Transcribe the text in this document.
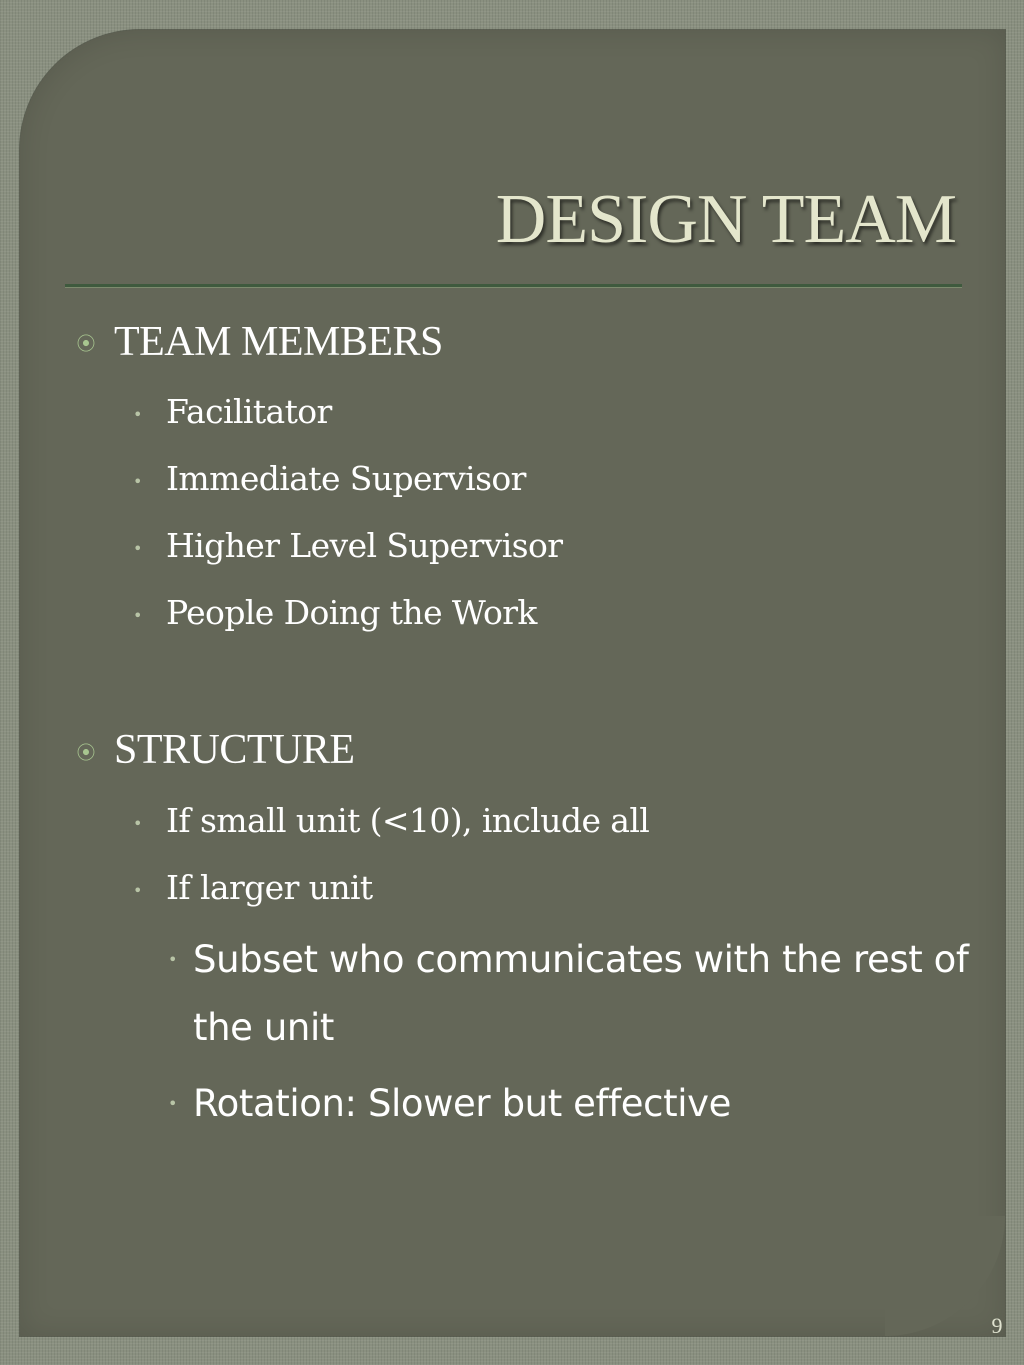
DESIGN TEAM
⦿ TEAM MEMBERS

• Facilitator

• Immediate Supervisor

• Higher Level Supervisor

• People Doing the Work

⦿ STRUCTURE

• If small unit (<10), include all

• If larger unit

• Subset who communicates with the rest of the unit

• Rotation: Slower but effective

9
